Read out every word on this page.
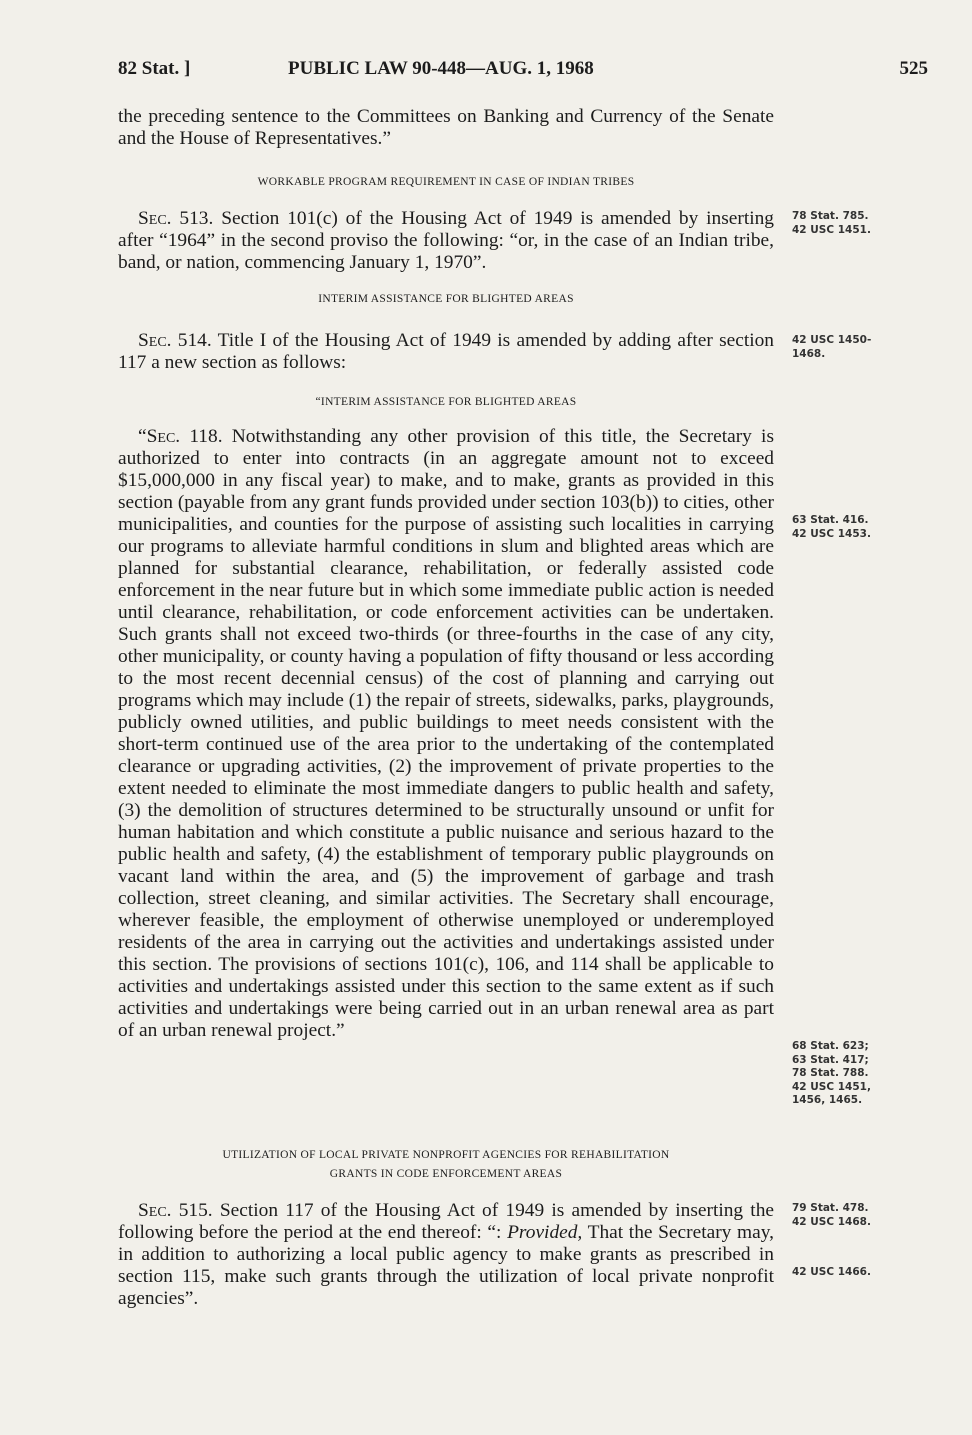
82 Stat. ]	PUBLIC LAW 90-448—AUG. 1, 1968	525

the preceding sentence to the Committees on Banking and Currency of the Senate and the House of Representatives.”

WORKABLE PROGRAM REQUIREMENT IN CASE OF INDIAN TRIBES

Sec. 513. Section 101(c) of the Housing Act of 1949 is amended by inserting after “1964” in the second proviso the following: “or, in the case of an Indian tribe, band, or nation, commencing January 1, 1970”.

78 Stat. 785.
42 USC 1451.
INTERIM ASSISTANCE FOR BLIGHTED AREAS

Sec. 514. Title I of the Housing Act of 1949 is amended by adding after section 117 a new section as follows:

42 USC 1450-
1468.
“INTERIM ASSISTANCE FOR BLIGHTED AREAS

“Sec. 118. Notwithstanding any other provision of this title, the Secretary is authorized to enter into contracts (in an aggregate amount not to exceed $15,000,000 in any fiscal year) to make, and to make, grants as provided in this section (payable from any grant funds provided under section 103(b)) to cities, other municipalities, and counties for the purpose of assisting such localities in carrying our programs to alleviate harmful conditions in slum and blighted areas which are planned for substantial clearance, rehabilitation, or federally assisted code enforcement in the near future but in which some immediate public action is needed until clearance, rehabilitation, or code enforcement activities can be undertaken. Such grants shall not exceed two-thirds (or three-fourths in the case of any city, other municipality, or county having a population of fifty thousand or less according to the most recent decennial census) of the cost of planning and carrying out programs which may include (1) the repair of streets, sidewalks, parks, playgrounds, publicly owned utilities, and public buildings to meet needs consistent with the short-term continued use of the area prior to the undertaking of the contemplated clearance or upgrading activities, (2) the improvement of private properties to the extent needed to eliminate the most immediate dangers to public health and safety, (3) the demolition of structures determined to be structurally unsound or unfit for human habitation and which constitute a public nuisance and serious hazard to the public health and safety, (4) the establishment of temporary public playgrounds on vacant land within the area, and (5) the improvement of garbage and trash collection, street cleaning, and similar activities. The Secretary shall encourage, wherever feasible, the employment of otherwise unemployed or underemployed residents of the area in carrying out the activities and undertakings assisted under this section. The provisions of sections 101(c), 106, and 114 shall be applicable to activities and undertakings assisted under this section to the same extent as if such activities and undertakings were being carried out in an urban renewal area as part of an urban renewal project.”

63 Stat. 416.
42 USC 1453.
68 Stat. 623;
63 Stat. 417;
78 Stat. 788.
42 USC 1451,
1456, 1465.
UTILIZATION OF LOCAL PRIVATE NONPROFIT AGENCIES FOR REHABILITATION
GRANTS IN CODE ENFORCEMENT AREAS

Sec. 515. Section 117 of the Housing Act of 1949 is amended by inserting the following before the period at the end thereof: “: Provided, That the Secretary may, in addition to authorizing a local public agency to make grants as prescribed in section 115, make such grants through the utilization of local private nonprofit agencies”.

79 Stat. 478.
42 USC 1468.
42 USC 1466.
